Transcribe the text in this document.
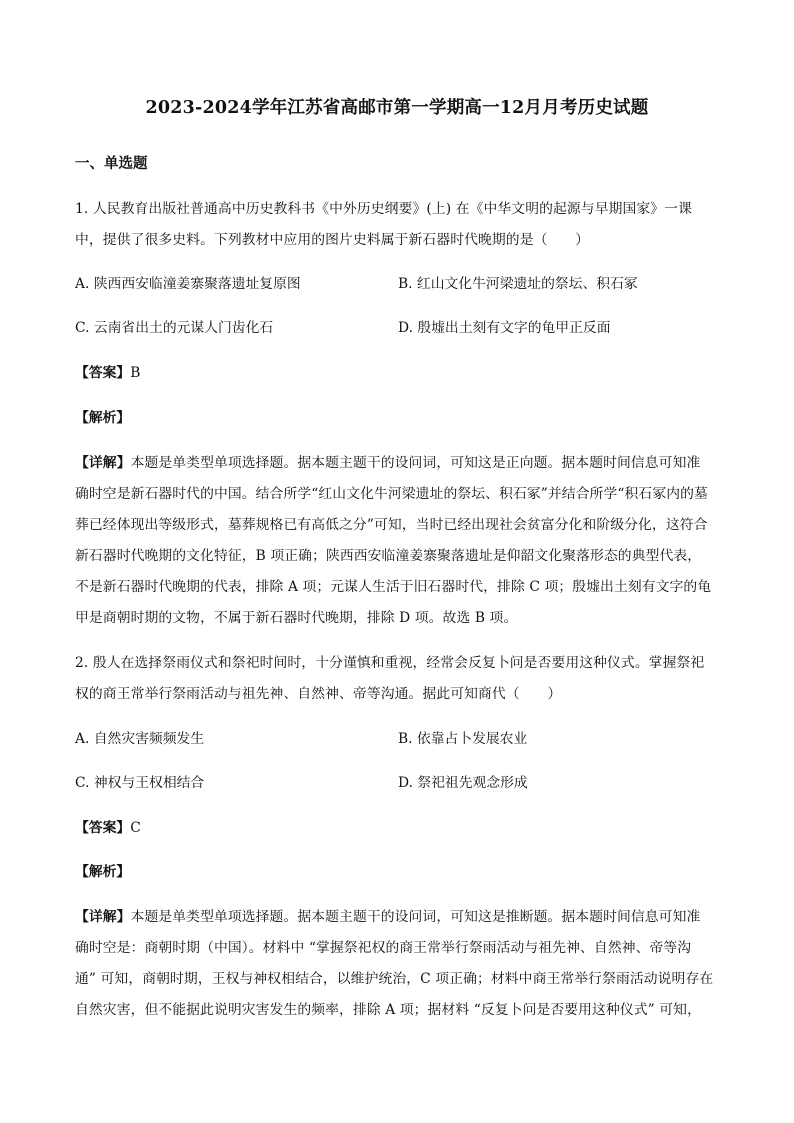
2023-2024学年江苏省高邮市第一学期高一12月月考历史试题
一、单选题
1. 人民教育出版社普通高中历史教科书《中外历史纲要》(上) 在《中华文明的起源与早期国家》一课
中，提供了很多史料。下列教材中应用的图片史料属于新石器时代晚期的是（　　）
A. 陕西西安临潼姜寨聚落遗址复原图	B. 红山文化牛河梁遗址的祭坛、积石冢
C. 云南省出土的元谋人门齿化石	D. 殷墟出土刻有文字的龟甲正反面
【答案】B
【解析】
【详解】本题是单类型单项选择题。据本题主题干的设问词，可知这是正向题。据本题时间信息可知准
确时空是新石器时代的中国。结合所学“红山文化牛河梁遗址的祭坛、积石冢”并结合所学“积石冢内的墓
葬已经体现出等级形式，墓葬规格已有高低之分”可知，当时已经出现社会贫富分化和阶级分化，这符合
新石器时代晚期的文化特征，B 项正确；陕西西安临潼姜寨聚落遗址是仰韶文化聚落形态的典型代表，
不是新石器时代晚期的代表，排除 A 项；元谋人生活于旧石器时代，排除 C 项；殷墟出土刻有文字的龟
甲是商朝时期的文物，不属于新石器时代晚期，排除 D 项。故选 B 项。
2. 殷人在选择祭雨仪式和祭祀时间时，十分谨慎和重视，经常会反复卜问是否要用这种仪式。掌握祭祀
权的商王常举行祭雨活动与祖先神、自然神、帝等沟通。据此可知商代（　　）
A. 自然灾害频频发生	B. 依靠占卜发展农业
C. 神权与王权相结合	D. 祭祀祖先观念形成
【答案】C
【解析】
【详解】本题是单类型单项选择题。据本题主题干的设问词，可知这是推断题。据本题时间信息可知准
确时空是：商朝时期（中国）。材料中 “掌握祭祀权的商王常举行祭雨活动与祖先神、自然神、帝等沟
通” 可知，商朝时期，王权与神权相结合，以维护统治，C 项正确；材料中商王常举行祭雨活动说明存在
自然灾害，但不能据此说明灾害发生的频率，排除 A 项；据材料 “反复卜问是否要用这种仪式” 可知，
